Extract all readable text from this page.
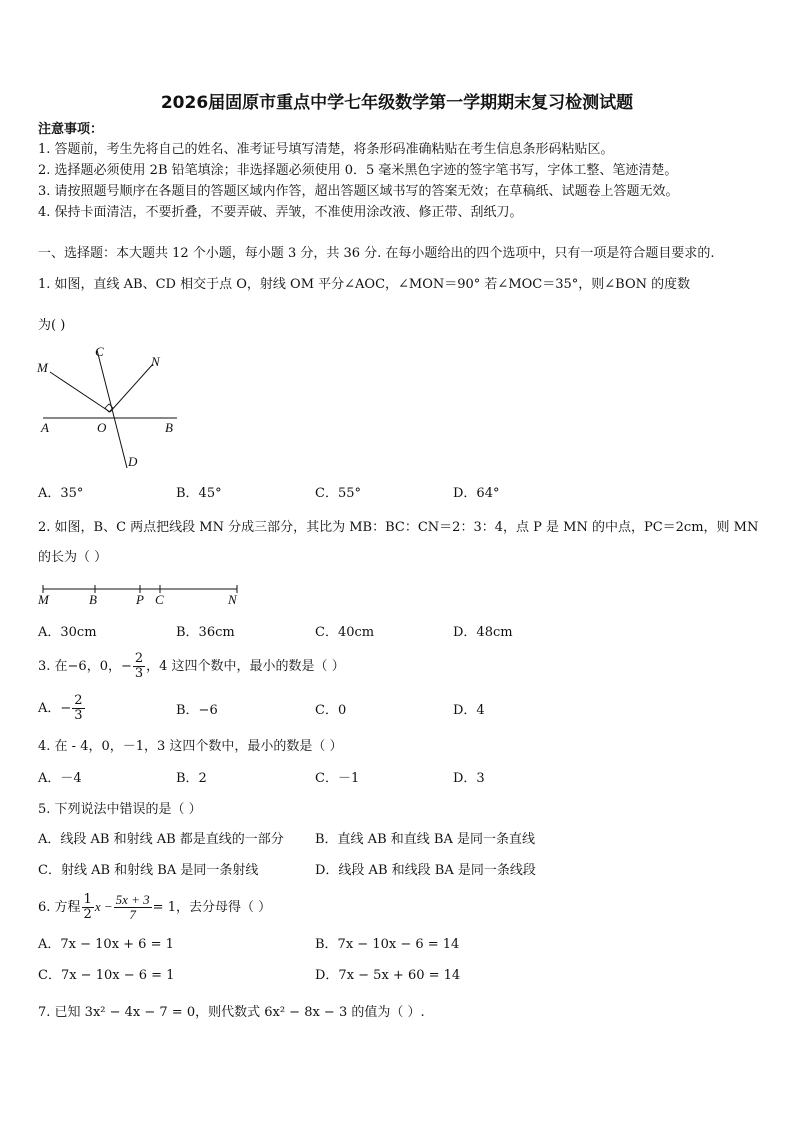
2026届固原市重点中学七年级数学第一学期期末复习检测试题
注意事项：
1. 答题前，考生先将自己的姓名、准考证号填写清楚，将条形码准确粘贴在考生信息条形码粘贴区。
2. 选择题必须使用 2B 铅笔填涂；非选择题必须使用 0．5 毫米黑色字迹的签字笔书写，字体工整、笔迹清楚。
3. 请按照题号顺序在各题目的答题区域内作答，超出答题区域书写的答案无效；在草稿纸、试题卷上答题无效。
4. 保持卡面清洁，不要折叠，不要弄破、弄皱，不准使用涂改液、修正带、刮纸刀。
一、选择题：本大题共 12 个小题，每小题 3 分，共 36 分. 在每小题给出的四个选项中，只有一项是符合题目要求的.
1. 如图，直线 AB、CD 相交于点 O，射线 OM 平分∠AOC，∠MON＝90° 若∠MOC＝35°，则∠BON 的度数
为( )
M
C
N
A	O	B
D
A．35°	B．45°	C．55°	D．64°
2. 如图，B、C 两点把线段 MN 分成三部分，其比为 MB：BC：CN＝2：3：4，点 P 是 MN 的中点，PC＝2cm，则 MN
的长为（ ）
M	B	P C	N
A．30cm	B．36cm	C．40cm	D．48cm
3. 在−6，0，− $\frac{2}{3}$ ，4 这四个数中，最小的数是（ ）
A．− $\frac{2}{3}$	B．−6	C．0	D．4
4. 在 - 4，0，－1，3 这四个数中，最小的数是（ ）
A．－4	B．2	C．－1	D．3
5. 下列说法中错误的是（ ）
A．线段 AB 和射线 AB 都是直线的一部分 B．直线 AB 和直线 BA 是同一条直线
C．射线 AB 和射线 BA 是同一条射线	D．线段 AB 和线段 BA 是同一条线段
6. 方程 $\frac{1}{2}$ $x - \frac{5x + 3}{7} = 1$，去分母得（ ）
A．7x − 10x + 6 = 1	B．7x − 10x − 6 = 14
C．7x − 10x − 6 = 1	D．7x − 5x + 60 = 14
7. 已知 3x² − 4x − 7 = 0，则代数式 6x² − 8x − 3 的值为（ ）.
